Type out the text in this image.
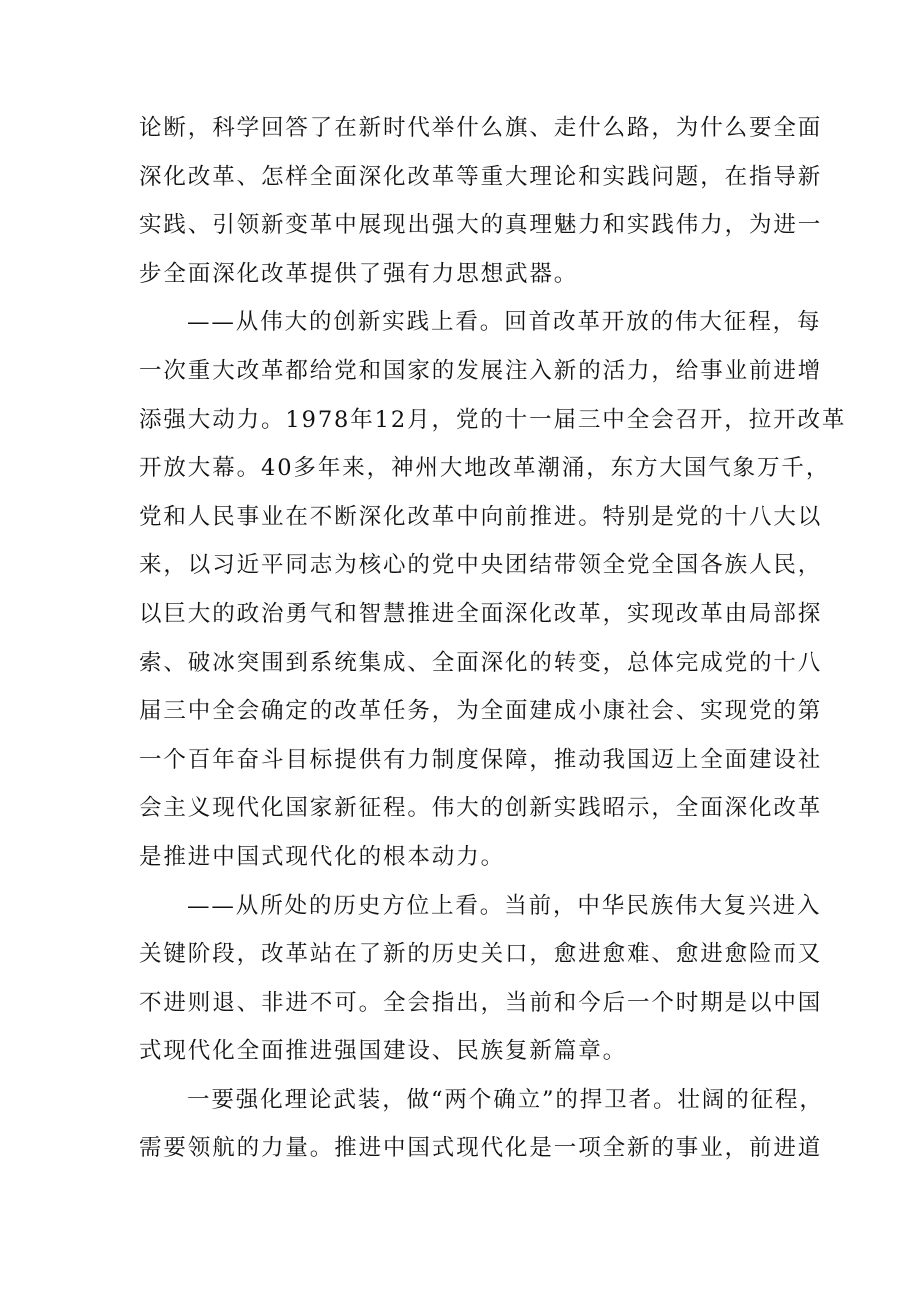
论断，科学回答了在新时代举什么旗、走什么路，为什么要全面
深化改革、怎样全面深化改革等重大理论和实践问题，在指导新
实践、引领新变革中展现出强大的真理魅力和实践伟力，为进一
步全面深化改革提供了强有力思想武器。
——从伟大的创新实践上看。回首改革开放的伟大征程，每
一次重大改革都给党和国家的发展注入新的活力，给事业前进增
添强大动力。1978年12月，党的十一届三中全会召开，拉开改革
开放大幕。40多年来，神州大地改革潮涌，东方大国气象万千，
党和人民事业在不断深化改革中向前推进。特别是党的十八大以
来，以习近平同志为核心的党中央团结带领全党全国各族人民，
以巨大的政治勇气和智慧推进全面深化改革，实现改革由局部探
索、破冰突围到系统集成、全面深化的转变，总体完成党的十八
届三中全会确定的改革任务，为全面建成小康社会、实现党的第
一个百年奋斗目标提供有力制度保障，推动我国迈上全面建设社
会主义现代化国家新征程。伟大的创新实践昭示，全面深化改革
是推进中国式现代化的根本动力。
——从所处的历史方位上看。当前，中华民族伟大复兴进入
关键阶段，改革站在了新的历史关口，愈进愈难、愈进愈险而又
不进则退、非进不可。全会指出，当前和今后一个时期是以中国
式现代化全面推进强国建设、民族复新篇章。
一要强化理论武装，做“两个确立”的捍卫者。壮阔的征程，
需要领航的力量。推进中国式现代化是一项全新的事业，前进道
